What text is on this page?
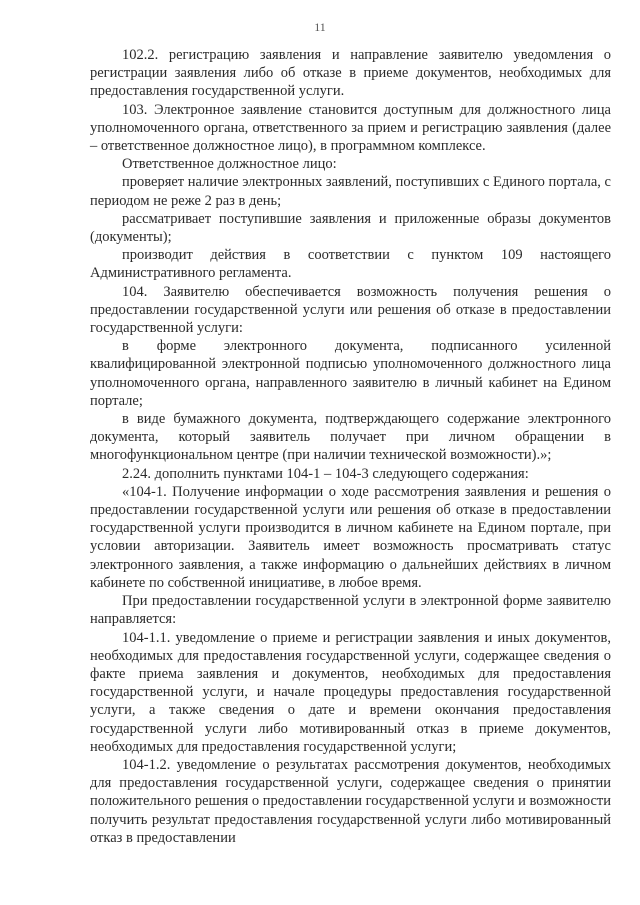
11

102.2. регистрацию заявления и направление заявителю уведомления о регистрации заявления либо об отказе в приеме документов, необходимых для предоставления государственной услуги.

103. Электронное заявление становится доступным для должностного лица уполномоченного органа, ответственного за прием и регистрацию заявления (далее – ответственное должностное лицо), в программном комплексе.

Ответственное должностное лицо:

проверяет наличие электронных заявлений, поступивших с Единого портала, с периодом не реже 2 раз в день;

рассматривает поступившие заявления и приложенные образы документов (документы);

производит действия в соответствии с пунктом 109 настоящего Административного регламента.

104. Заявителю обеспечивается возможность получения решения о предоставлении государственной услуги или решения об отказе в предоставлении государственной услуги:

в форме электронного документа, подписанного усиленной квалифицированной электронной подписью уполномоченного должностного лица уполномоченного органа, направленного заявителю в личный кабинет на Едином портале;

в виде бумажного документа, подтверждающего содержание электронного документа, который заявитель получает при личном обращении в многофункциональном центре (при наличии технической возможности).»;

2.24. дополнить пунктами 104-1 – 104-3 следующего содержания:

«104-1. Получение информации о ходе рассмотрения заявления и решения о предоставлении государственной услуги или решения об отказе в предоставлении государственной услуги производится в личном кабинете на Едином портале, при условии авторизации. Заявитель имеет возможность просматривать статус электронного заявления, а также информацию о дальнейших действиях в личном кабинете по собственной инициативе, в любое время.

При предоставлении государственной услуги в электронной форме заявителю направляется:

104-1.1. уведомление о приеме и регистрации заявления и иных документов, необходимых для предоставления государственной услуги, содержащее сведения о факте приема заявления и документов, необходимых для предоставления государственной услуги, и начале процедуры предоставления государственной услуги, а также сведения о дате и времени окончания предоставления государственной услуги либо мотивированный отказ в приеме документов, необходимых для предоставления государственной услуги;

104-1.2. уведомление о результатах рассмотрения документов, необходимых для предоставления государственной услуги, содержащее сведения о принятии положительного решения о предоставлении государственной услуги и возможности получить результат предоставления государственной услуги либо мотивированный отказ в предоставлении
